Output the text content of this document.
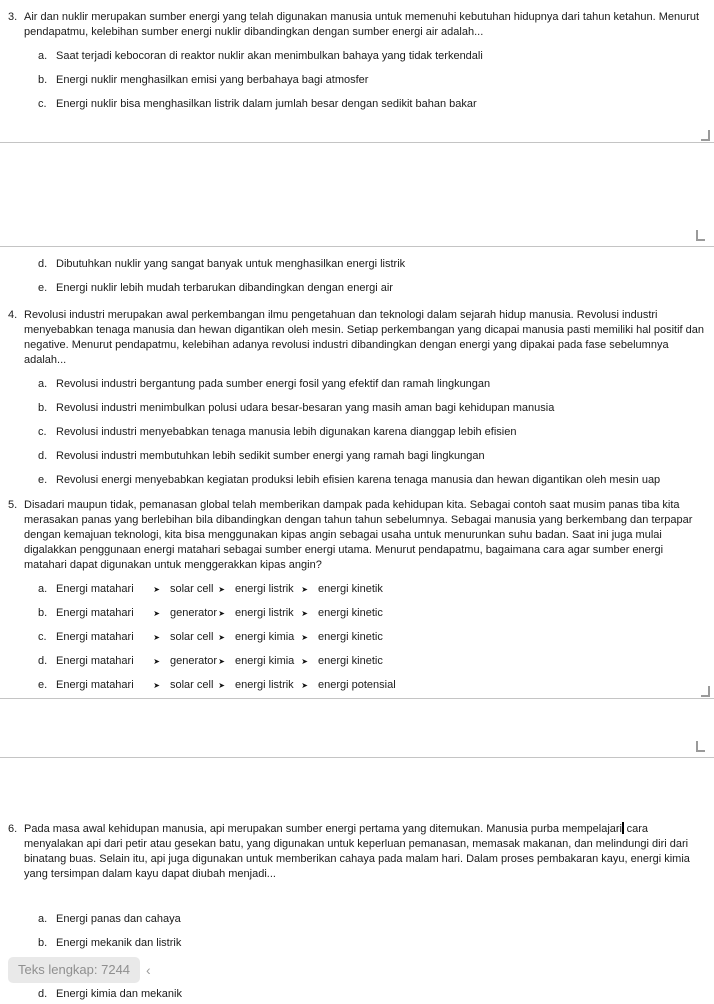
3. Air dan nuklir merupakan sumber energi yang telah digunakan manusia untuk memenuhi kebutuhan hidupnya dari tahun ketahun. Menurut pendapatmu, kelebihan sumber energi nuklir dibandingkan dengan sumber energi air adalah...

a. Saat terjadi kebocoran di reaktor nuklir akan menimbulkan bahaya yang tidak terkendali
b. Energi nuklir menghasilkan emisi yang berbahaya bagi atmosfer
c. Energi nuklir bisa menghasilkan listrik dalam jumlah besar dengan sedikit bahan bakar
d. Dibutuhkan nuklir yang sangat banyak untuk menghasilkan energi listrik
e. Energi nuklir lebih mudah terbarukan dibandingkan dengan energi air
4. Revolusi industri merupakan awal perkembangan ilmu pengetahuan dan teknologi dalam sejarah hidup manusia. Revolusi industri menyebabkan tenaga manusia dan hewan digantikan oleh mesin. Setiap perkembangan yang dicapai manusia pasti memiliki hal positif dan negative. Menurut pendapatmu, kelebihan adanya revolusi industri dibandingkan dengan energi yang dipakai pada fase sebelumnya adalah...

a. Revolusi industri bergantung pada sumber energi fosil yang efektif dan ramah lingkungan
b. Revolusi industri menimbulkan polusi udara besar-besaran yang masih aman bagi kehidupan manusia
c. Revolusi industri menyebabkan tenaga manusia lebih digunakan karena dianggap lebih efisien
d. Revolusi industri membutuhkan lebih sedikit sumber energi yang ramah bagi lingkungan
e. Revolusi energi menyebabkan kegiatan produksi lebih efisien karena tenaga manusia dan hewan digantikan oleh mesin uap
5. Disadari maupun tidak, pemanasan global telah memberikan dampak pada kehidupan kita. Sebagai contoh saat musim panas tiba kita merasakan panas yang berlebihan bila dibandingkan dengan tahun tahun sebelumnya. Sebagai manusia yang berkembang dan terpapar dengan kemajuan teknologi, kita bisa menggunakan kipas angin sebagai usaha untuk menurunkan suhu badan. Saat ini juga mulai digalakkan penggunaan energi matahari sebagai sumber energi utama. Menurut pendapatmu, bagaimana cara agar sumber energi matahari dapat digunakan untuk menggerakkan kipas angin?

a. Energi matahari ➤ solar cell ➤ energi listrik ➤ energi kinetik
b. Energi matahari ➤ generator ➤ energi listrik ➤ energi kinetic
c. Energi matahari ➤ solar cell ➤ energi kimia ➤ energi kinetic
d. Energi matahari ➤ generator ➤ energi kimia ➤ energi kinetic
e. Energi matahari ➤ solar cell ➤ energi listrik ➤ energi potensial
6. Pada masa awal kehidupan manusia, api merupakan sumber energi pertama yang ditemukan. Manusia purba mempelajari cara menyalakan api dari petir atau gesekan batu, yang digunakan untuk keperluan pemanasan, memasak makanan, dan melindungi diri dari binatang buas. Selain itu, api juga digunakan untuk memberikan cahaya pada malam hari. Dalam proses pembakaran kayu, energi kimia yang tersimpan dalam kayu dapat diubah menjadi...

a. Energi panas dan cahaya
b. Energi mekanik dan listrik
d. Energi kimia dan mekanik
Teks lengkap: 7244	‹
